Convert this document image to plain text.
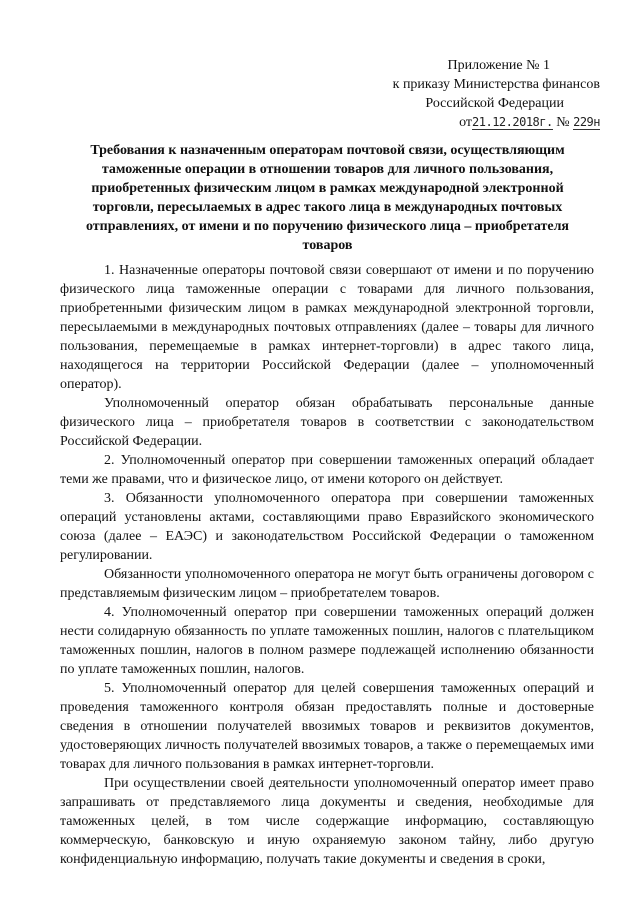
Приложение № 1
к приказу Министерства финансов
Российской Федерации
от21.12.2018г. № 229н
Требования к назначенным операторам почтовой связи, осуществляющим таможенные операции в отношении товаров для личного пользования, приобретенных физическим лицом в рамках международной электронной торговли, пересылаемых в адрес такого лица в международных почтовых отправлениях, от имени и по поручению физического лица – приобретателя товаров

1. Назначенные операторы почтовой связи совершают от имени и по поручению физического лица таможенные операции с товарами для личного пользования, приобретенными физическим лицом в рамках международной электронной торговли, пересылаемыми в международных почтовых отправлениях (далее – товары для личного пользования, перемещаемые в рамках интернет-торговли) в адрес такого лица, находящегося на территории Российской Федерации (далее – уполномоченный оператор).

Уполномоченный оператор обязан обрабатывать персональные данные физического лица – приобретателя товаров в соответствии с законодательством Российской Федерации.

2. Уполномоченный оператор при совершении таможенных операций обладает теми же правами, что и физическое лицо, от имени которого он действует.

3. Обязанности уполномоченного оператора при совершении таможенных операций установлены актами, составляющими право Евразийского экономического союза (далее – ЕАЭС) и законодательством Российской Федерации о таможенном регулировании.

Обязанности уполномоченного оператора не могут быть ограничены договором с представляемым физическим лицом – приобретателем товаров.

4. Уполномоченный оператор при совершении таможенных операций должен нести солидарную обязанность по уплате таможенных пошлин, налогов с плательщиком таможенных пошлин, налогов в полном размере подлежащей исполнению обязанности по уплате таможенных пошлин, налогов.

5. Уполномоченный оператор для целей совершения таможенных операций и проведения таможенного контроля обязан предоставлять полные и достоверные сведения в отношении получателей ввозимых товаров и реквизитов документов, удостоверяющих личность получателей ввозимых товаров, а также о перемещаемых ими товарах для личного пользования в рамках интернет-торговли.

При осуществлении своей деятельности уполномоченный оператор имеет право запрашивать от представляемого лица документы и сведения, необходимые для таможенных целей, в том числе содержащие информацию, составляющую коммерческую, банковскую и иную охраняемую законом тайну, либо другую конфиденциальную информацию, получать такие документы и сведения в сроки,
